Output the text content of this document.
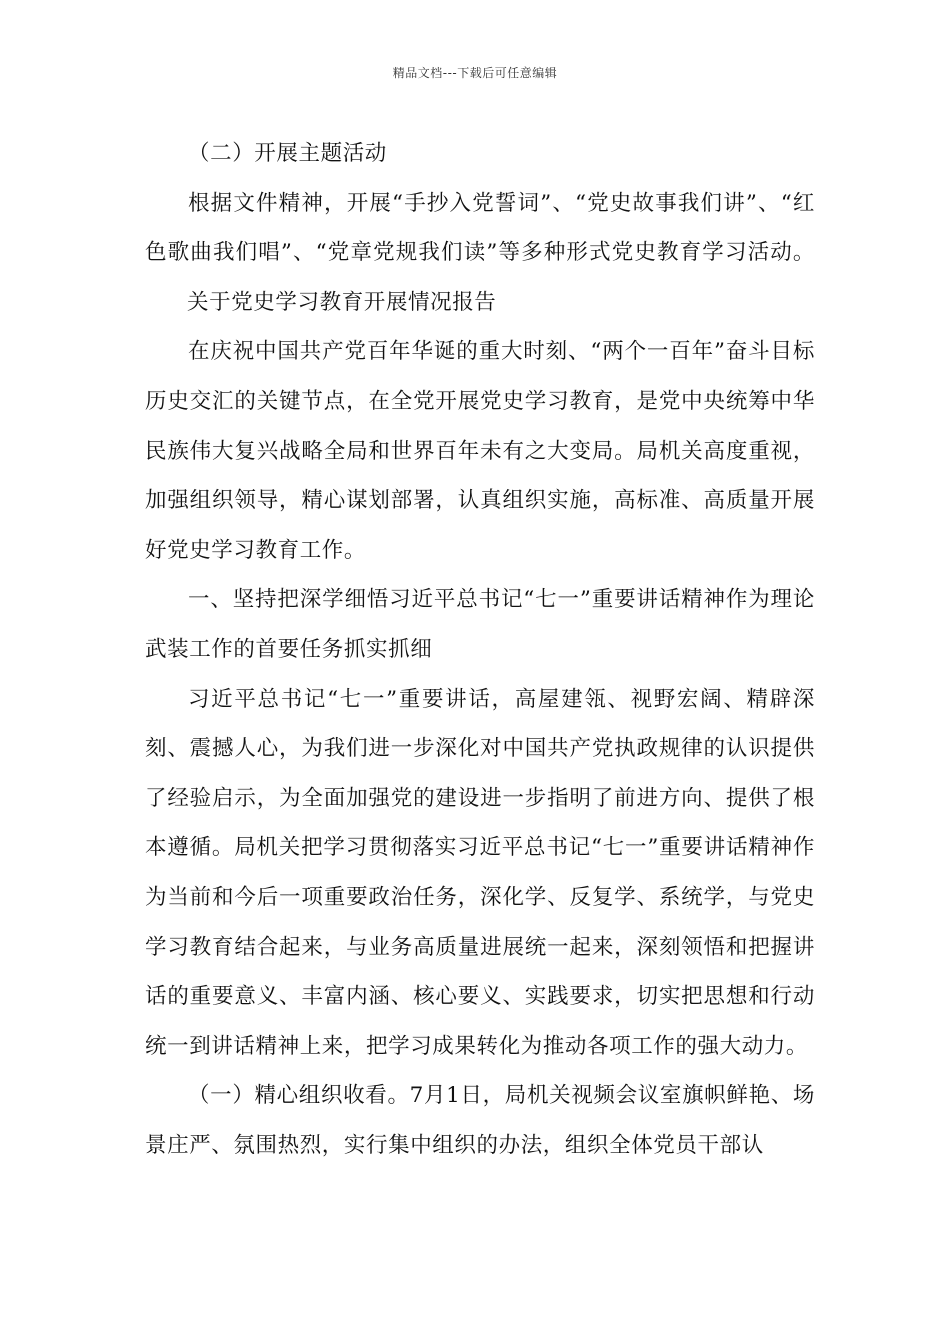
精品文档---下载后可任意编辑

（二）开展主题活动

根据文件精神，开展“手抄入党誓词”、“党史故事我们讲”、“红色歌曲我们唱”、“党章党规我们读”等多种形式党史教育学习活动。关于党史学习教育开展情况报告

在庆祝中国共产党百年华诞的重大时刻、“两个一百年”奋斗目标历史交汇的关键节点，在全党开展党史学习教育，是党中央统筹中华民族伟大复兴战略全局和世界百年未有之大变局。局机关高度重视，加强组织领导，精心谋划部署，认真组织实施，高标准、高质量开展好党史学习教育工作。

一、坚持把深学细悟习近平总书记“七一”重要讲话精神作为理论武装工作的首要任务抓实抓细

习近平总书记“七一”重要讲话，高屋建瓴、视野宏阔、精辟深刻、震撼人心，为我们进一步深化对中国共产党执政规律的认识提供了经验启示，为全面加强党的建设进一步指明了前进方向、提供了根本遵循。局机关把学习贯彻落实习近平总书记“七一”重要讲话精神作为当前和今后一项重要政治任务，深化学、反复学、系统学，与党史学习教育结合起来，与业务高质量进展统一起来，深刻领悟和把握讲话的重要意义、丰富内涵、核心要义、实践要求，切实把思想和行动统一到讲话精神上来，把学习成果转化为推动各项工作的强大动力。

（一）精心组织收看。7月1日，局机关视频会议室旗帜鲜艳、场景庄严、氛围热烈，实行集中组织的办法，组织全体党员干部认
